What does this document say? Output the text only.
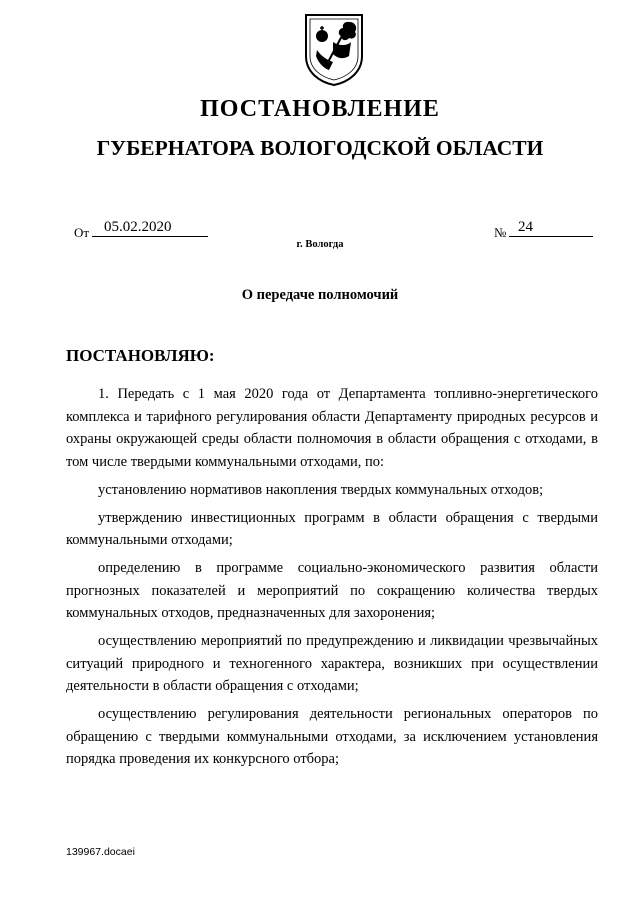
ПОСТАНОВЛЕНИЕ
ГУБЕРНАТОРА ВОЛОГОДСКОЙ ОБЛАСТИ
От 05.02.2020	№ 24
г. Вологда
О передаче полномочий
ПОСТАНОВЛЯЮ:

1. Передать с 1 мая 2020 года от Департамента топливно-энергетического комплекса и тарифного регулирования области Департаменту природных ресурсов и охраны окружающей среды области полномочия в области обращения с отходами, в том числе твердыми коммунальными отходами, по:

установлению нормативов накопления твердых коммунальных отходов;

утверждению инвестиционных программ в области обращения с твердыми коммунальными отходами;

определению в программе социально-экономического развития области прогнозных показателей и мероприятий по сокращению количества твердых коммунальных отходов, предназначенных для захоронения;

осуществлению мероприятий по предупреждению и ликвидации чрезвычайных ситуаций природного и техногенного характера, возникших при осуществлении деятельности в области обращения с отходами;

осуществлению регулирования деятельности региональных операторов по обращению с твердыми коммунальными отходами, за исключением установления порядка проведения их конкурсного отбора;

139967.docaei
